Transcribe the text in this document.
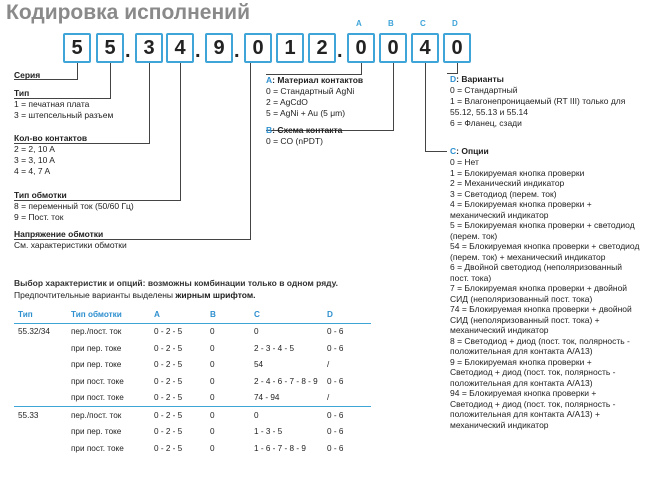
Кодировка исполнений
5	5 . 3 4 . 9 . 0	1	2 . 0	0	4	0
A	B	C	D
Серия
Тип
1 = печатная плата
3 = штепсельный разъем
Кол-во контактов
2 = 2, 10 A
3 = 3, 10 A
4 = 4, 7 A
Тип обмотки
8 = переменный ток (50/60 Гц)
9 = Пост. ток
Напряжение обмотки
См. характеристики обмотки
A: Материал контактов
0 = Стандартный AgNi
2 = AgCdO
5 = AgNi + Au (5 μm)
B: Схема контакта
0 = CO (nPDT)
D: Варианты
0 = Стандартный
1 = Влагонепроницаемый (RT III) только для
55.12, 55.13 и 55.14
6 = Фланец, сзади
C: Опции
0 = Нет
1 = Блокируемая кнопка проверки
2 = Механический индикатор
3 = Светодиод (перем. ток)
4 = Блокируемая кнопка проверки +
механический индикатор
5 = Блокируемая кнопка проверки + светодиод
(перем. ток)
54 = Блокируемая кнопка проверки + светодиод
(перем. ток) + механический индикатор
6 = Двойной светодиод (неполяризованный
пост. тока)
7 = Блокируемая кнопка проверки + двойной
СИД (неполяризованный пост. тока)
74 = Блокируемая кнопка проверки + двойной
СИД (неполяризованный пост. тока) +
механический индикатор
8 = Светодиод + диод (пост. ток, полярность -
положительная для контакта А/А13)
9 = Блокируемая кнопка проверки +
Светодиод + диод (пост. ток, полярность -
положительная для контакта А/А13)
94 = Блокируемая кнопка проверки +
Светодиод + диод (пост. ток, полярность -
положительная для контакта А/А13) +
механический индикатор
Выбор характеристик и опций: возможны комбинации только в одном ряду.
Предпочтительные варианты выделены жирным шрифтом.
Тип	Тип обмотки	A	B	C	D
55.32/34	пер./пост. ток	0 - 2 - 5	0	0	0 - 6
	при пер. токе	0 - 2 - 5	0	2 - 3 - 4 - 5	0 - 6
	при пер. токе	0 - 2 - 5	0	54	/
	при пост. токе	0 - 2 - 5	0	2 - 4 - 6 - 7 - 8 - 9	0 - 6
	при пост. токе	0 - 2 - 5	0	74 - 94	/
55.33	пер./пост. ток	0 - 2 - 5	0	0	0 - 6
	при пер. токе	0 - 2 - 5	0	1 - 3 - 5	0 - 6
	при пост. токе	0 - 2 - 5	0	1 - 6 - 7 - 8 - 9	0 - 6
